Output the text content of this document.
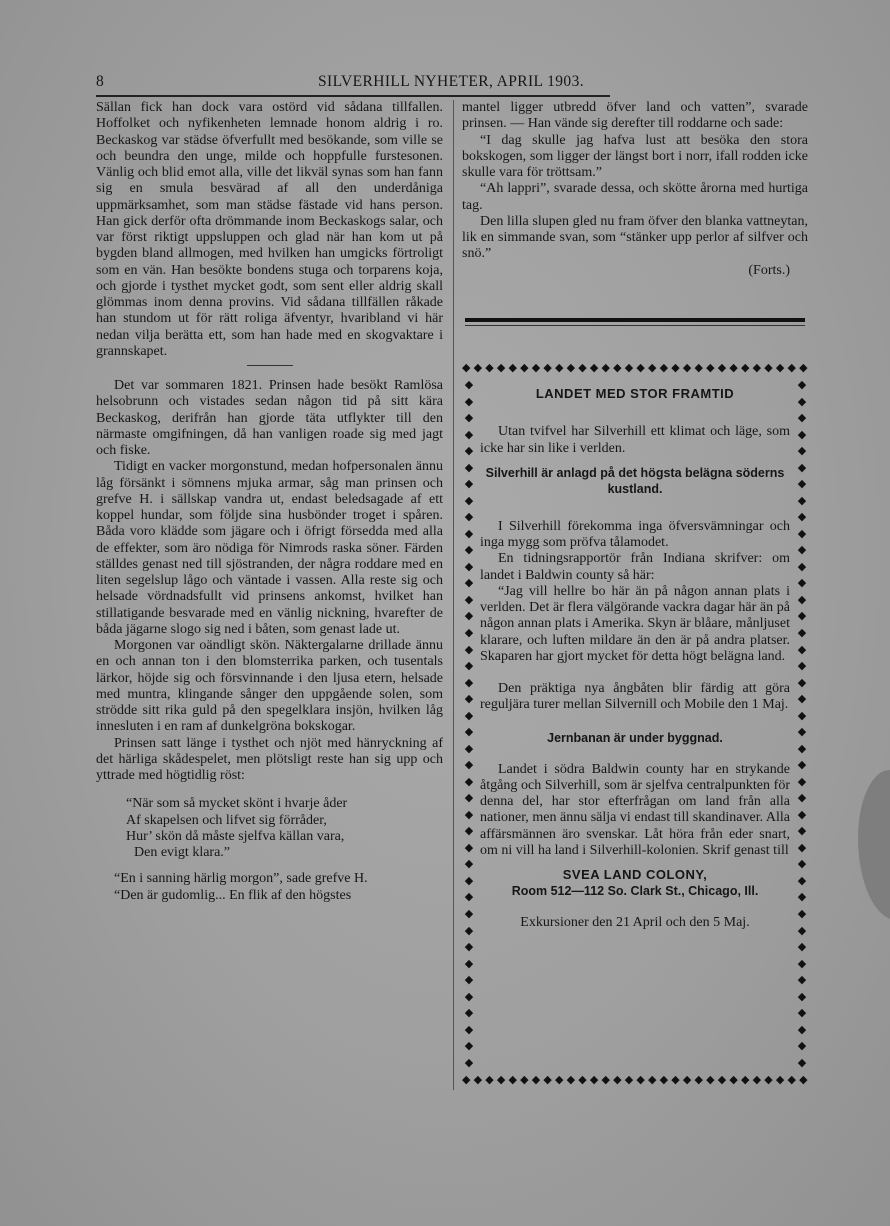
8	SILVERHILL NYHETER, APRIL 1903.

Sällan fick han dock vara ostörd vid sådana tillfallen. Hoffolket och nyfikenheten lemnade honom aldrig i ro. Beckaskog var städse öfverfullt med besökande, som ville se och beundra den unge, milde och hoppfulle furstesonen. Vänlig och blid emot alla, ville det likväl synas som han fann sig en smula besvärad af all den underdåniga uppmärksamhet, som man städse fästade vid hans person. Han gick derför ofta drömmande inom Beckaskogs salar, och var först riktigt uppsluppen och glad när han kom ut på bygden bland allmogen, med hvilken han umgicks förtroligt som en vän. Han besökte bondens stuga och torparens koja, och gjorde i tysthet mycket godt, som sent eller aldrig skall glömmas inom denna provins. Vid sådana tillfällen råkade han stundom ut för rätt roliga äfventyr, hvaribland vi här nedan vilja berätta ett, som han hade med en skogvaktare i grannskapet.

Det var sommaren 1821. Prinsen hade besökt Ramlösa helsobrunn och vistades sedan någon tid på sitt kära Beckaskog, derifrån han gjorde täta utflykter till den närmaste omgifningen, då han vanligen roade sig med jagt och fiske.

Tidigt en vacker morgonstund, medan hofpersonalen ännu låg försänkt i sömnens mjuka armar, såg man prinsen och grefve H. i sällskap vandra ut, endast beledsagade af ett koppel hundar, som följde sina husbönder troget i spåren. Båda voro klädde som jägare och i öfrigt försedda med alla de effekter, som äro nödiga för Nimrods raska söner. Färden ställdes genast ned till sjöstranden, der några roddare med en liten segelslup lågo och väntade i vassen. Alla reste sig och helsade vördnadsfullt vid prinsens ankomst, hvilket han stillatigande besvarade med en vänlig nickning, hvarefter de båda jägarne slogo sig ned i båten, som genast lade ut.

Morgonen var oändligt skön. Näktergalarne drillade ännu en och annan ton i den blomsterrika parken, och tusentals lärkor, höjde sig och försvinnande i den ljusa etern, helsade med muntra, klingande sånger den uppgående solen, som strödde sitt rika guld på den spegelklara insjön, hvilken låg innesluten i en ram af dunkelgröna bokskogar.

Prinsen satt länge i tysthet och njöt med hänryckning af det härliga skådespelet, men plötsligt reste han sig upp och yttrade med högtidlig röst:

“När som så mycket skönt i hvarje åder
Af skapelsen och lifvet sig förråder,
Hur’ skön då måste sjelfva källan vara,
Den evigt klara.”

“En i sanning härlig morgon”, sade grefve H.

“Den är gudomlig... En flik af den högstes

mantel ligger utbredd öfver land och vatten”, svarade prinsen. — Han vände sig derefter till roddarne och sade:

“I dag skulle jag hafva lust att besöka den stora bokskogen, som ligger der längst bort i norr, ifall rodden icke skulle vara för tröttsam.”

“Ah lappri”, svarade dessa, och skötte årorna med hurtiga tag.

Den lilla slupen gled nu fram öfver den blanka vattneytan, lik en simmande svan, som “stänker upp perlor af silfver och snö.”

(Forts.)

◆ ◆ ◆ ◆ ◆ ◆ ◆ ◆ ◆ ◆ ◆ ◆ ◆ ◆ ◆ ◆ ◆ ◆ ◆ ◆ ◆ ◆ ◆ ◆ ◆ ◆ ◆ ◆ ◆ ◆
◆ ◆ ◆ ◆ ◆ ◆ ◆ ◆ ◆ ◆ ◆ ◆ ◆ ◆ ◆ ◆ ◆ ◆ ◆ ◆ ◆ ◆ ◆ ◆ ◆ ◆ ◆ ◆ ◆ ◆
◆
◆
◆
◆
◆
◆
◆
◆
◆
◆
◆
◆
◆
◆
◆
◆
◆
◆
◆
◆
◆
◆
◆
◆
◆
◆
◆
◆
◆
◆
◆
◆
◆
◆
◆
◆
◆
◆
◆
◆
◆
◆
◆
◆
◆
◆
◆
◆
◆
◆
◆
◆
◆
◆
◆
◆
◆
◆
◆
◆
◆
◆
◆
◆
◆
◆
◆
◆
◆
◆
◆
◆
◆
◆
◆
◆
◆
◆
◆
◆
◆
◆
◆
◆
LANDET MED STOR FRAMTID

Utan tvifvel har Silverhill ett klimat och läge, som icke har sin like i verlden.

Silverhill är anlagd på det högsta belägna söderns kustland.

I Silverhill förekomma inga öfversvämningar och inga mygg som pröfva tålamodet.

En tidningsrapportör från Indiana skrifver: om landet i Baldwin county så här:

“Jag vill hellre bo här än på någon annan plats i verlden. Det är flera välgörande vackra dagar här än på någon annan plats i Amerika. Skyn är blåare, månljuset klarare, och luften mildare än den är på andra platser. Skaparen har gjort mycket för detta högt belägna land.

Den präktiga nya ångbåten blir färdig att göra reguljära turer mellan Silvernill och Mobile den 1 Maj.

Jernbanan är under byggnad.

Landet i södra Baldwin county har en strykande åtgång och Silverhill, som är sjelfva centralpunkten för denna del, har stor efterfrågan om land från alla nationer, men ännu sälja vi endast till skandinaver. Alla affärsmännen äro svenskar. Låt höra från eder snart, om ni vill ha land i Silverhill-kolonien. Skrif genast till

SVEA LAND COLONY,
Room 512—112 So. Clark St., Chicago, Ill.

Exkursioner den 21 April och den 5 Maj.
